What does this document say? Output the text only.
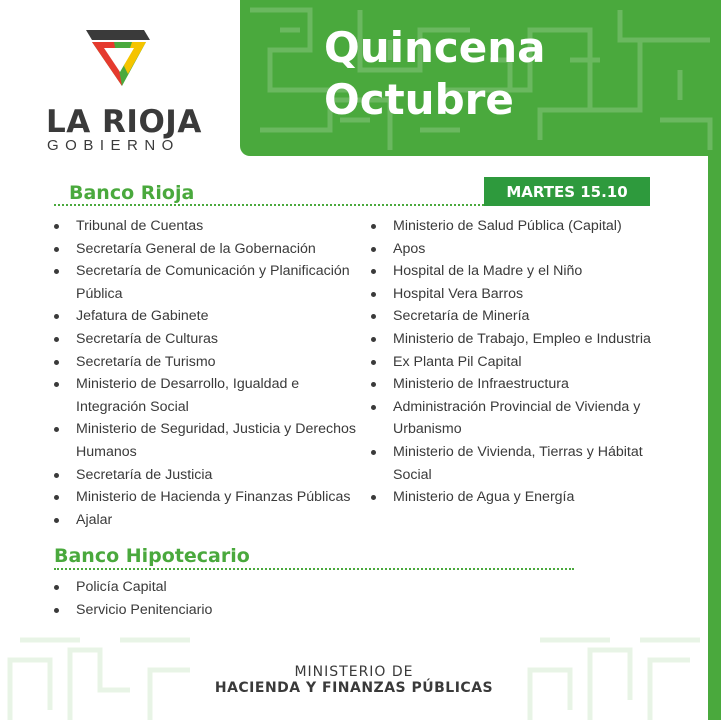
Quincena
Octubre

LA RIOJA

GOBIERNO

Banco Rioja	MARTES 15.10
Tribunal de Cuentas
Secretaría General de la Gobernación
Secretaría de Comunicación y Planificación Pública
Jefatura de Gabinete
Secretaría de Culturas
Secretaría de Turismo
Ministerio de Desarrollo, Igualdad e Integración Social
Ministerio de Seguridad, Justicia y Derechos Humanos
Secretaría de Justicia
Ministerio de Hacienda y Finanzas Públicas
Ajalar
Ministerio de Salud Pública (Capital)
Apos
Hospital de la Madre y el Niño
Hospital Vera Barros
Secretaría de Minería
Ministerio de Trabajo, Empleo e Industria
Ex Planta Pil Capital
Ministerio de Infraestructura
Administración Provincial de Vivienda y Urbanismo
Ministerio de Vivienda, Tierras y Hábitat Social
Ministerio de Agua y Energía
Banco Hipotecario
Policía Capital
Servicio Penitenciario

MINISTERIO DE

HACIENDA Y FINANZAS PÚBLICAS
